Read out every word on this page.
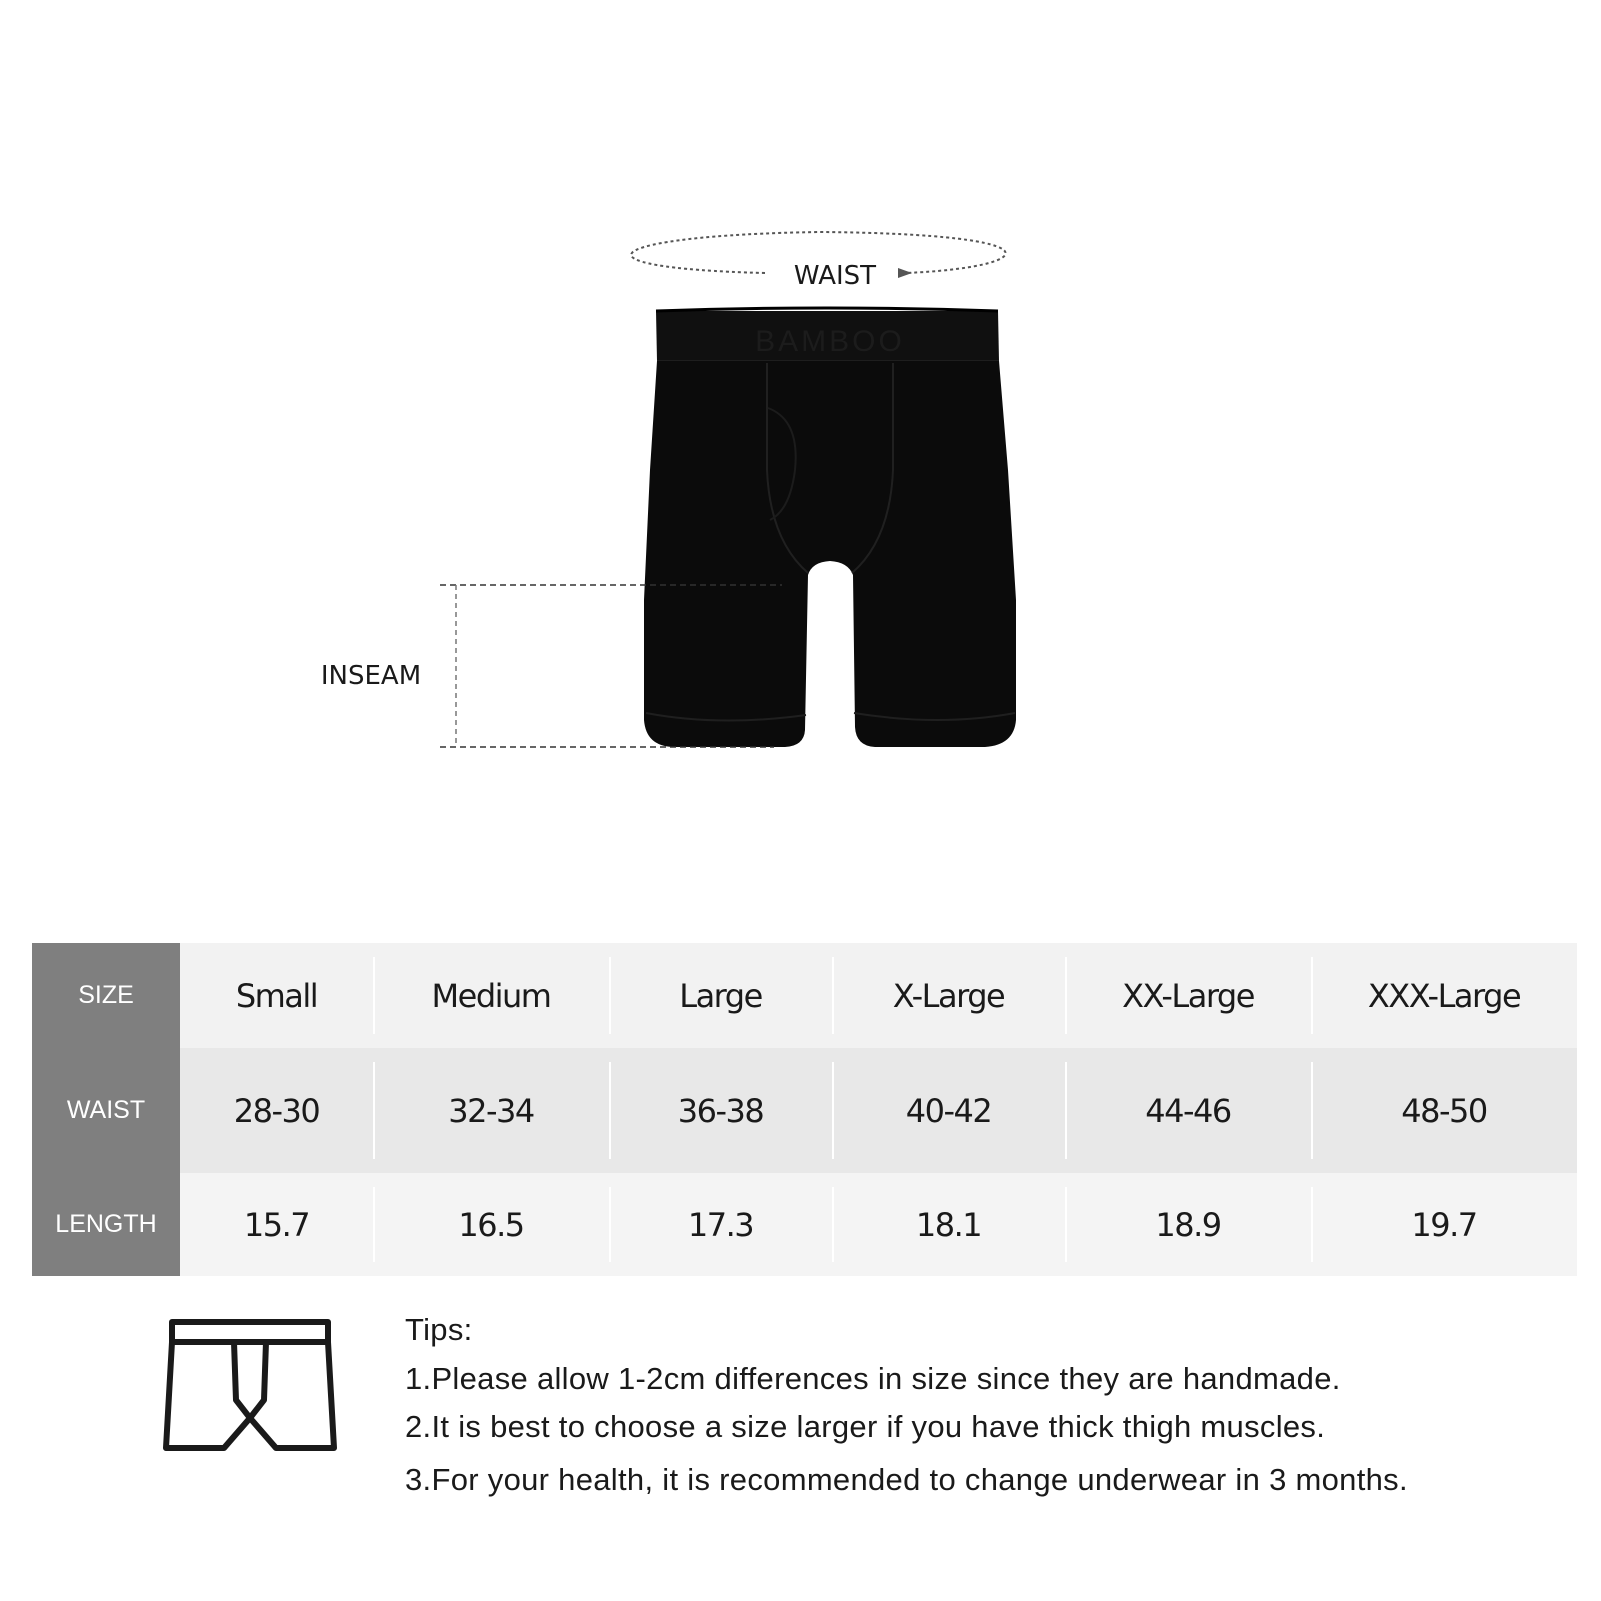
WAIST
BAMBOO
INSEAM
SIZE	Small	Medium	Large	X-Large	XX-Large	XXX-Large
WAIST	28-30	32-34	36-38	40-42	44-46	48-50
LENGTH	15.7	16.5	17.3	18.1	18.9	19.7

Tips:

1.Please allow 1-2cm differences in size since they are handmade.

2.It is best to choose a size larger if you have thick thigh muscles.

3.For your health, it is recommended to change underwear in 3 months.
